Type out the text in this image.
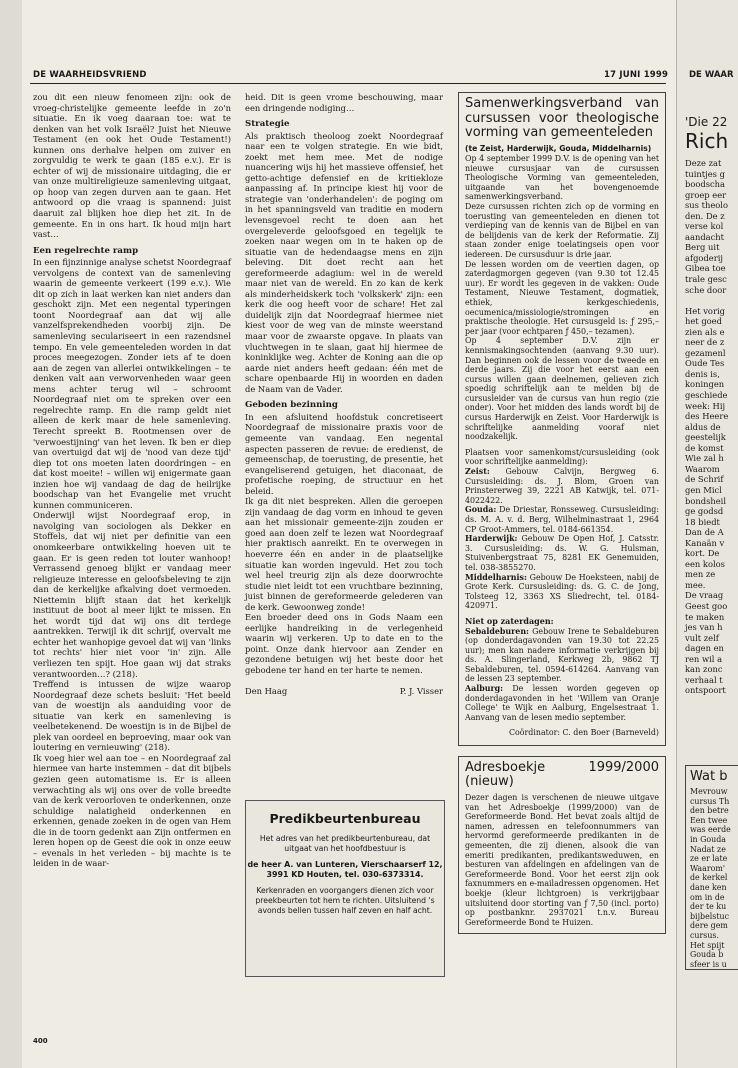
DE WAARHEIDSVRIEND	17 JUNI 1999

zou dit een nieuw fenomeen zijn: ook de vroeg-christelijke gemeente leefde in zo'n situatie. En ik voeg daaraan toe: wat te denken van het volk Israël? Juist het Nieuwe Testament (en ook het Oude Testament!) kunnen ons derhalve helpen om zuiver en zorgvuldig te werk te gaan (185 e.v.). Er is echter of wij de missionaire uitdaging, die er van onze multireligieuze samenleving uitgaat, op hoop van zegen durven aan te gaan. Het antwoord op die vraag is spannend: juist daaruit zal blijken hoe diep het zit. In de gemeente. En in ons hart. Ik houd mijn hart vast…

Een regelrechte ramp

In een fijnzinnige analyse schetst Noordegraaf vervolgens de context van de samenleving waarin de gemeente verkeert (199 e.v.). Wie dit op zich in laat werken kan niet anders dan geschokt zijn. Met een negental typeringen toont Noordegraaf aan dat wij alle vanzelfsprekendheden voorbij zijn. De samenleving seculariseert in een razendsnel tempo. En vele gemeenteleden worden in dat proces meegezogen. Zonder iets af te doen aan de zegen van allerlei ontwikkelingen – te denken valt aan verworvenheden waar geen mens achter terug wil – schroomt Noordegraaf niet om te spreken over een regelrechte ramp. En die ramp geldt niet alleen de kerk maar de hele samenleving. Terecht spreekt B. Rootmensen over de 'verwoestijning' van het leven. Ik ben er diep van overtuigd dat wij de 'nood van deze tijd' diep tot ons moeten laten doordringen – en dat kost moeite! – willen wij enigermate gaan inzien hoe wij vandaag de dag de heilrijke boodschap van het Evangelie met vrucht kunnen communiceren.

Onderwijl wijst Noordegraaf erop, in navolging van sociologen als Dekker en Stoffels, dat wij niet per definitie van een onomkeerbare ontwikkeling hoeven uit te gaan. Er is geen reden tot louter wanhoop! Verrassend genoeg blijkt er vandaag meer religieuze interesse en geloofsbeleving te zijn dan de kerkelijke afkalving doet vermoeden. Niettemin blijft staan dat het kerkelijk instituut de boot al meer lijkt te missen. En het wordt tijd dat wij ons dit terdege aantrekken. Terwijl ik dit schrijf, overvalt me echter het wanhopige gevoel dat wij van 'links tot rechts' hier niet voor 'in' zijn. Alle verliezen ten spijt. Hoe gaan wij dat straks verantwoorden…? (218).

Treffend is intussen de wijze waarop Noordegraaf deze schets besluit: 'Het beeld van de woestijn als aanduiding voor de situatie van kerk en samenleving is veelbetekenend. De woestijn is in de Bijbel de plek van oordeel en beproeving, maar ook van loutering en vernieuwing' (218).

Ik voeg hier wel aan toe – en Noordegraaf zal hiermee van harte instemmen – dat dit bijbels gezien geen automatisme is. Er is alleen verwachting als wij ons over de volle breedte van de kerk veroorloven te onderkennen, onze schuldige nalatigheid onderkennen en erkennen, genade zoeken in de ogen van Hem die in de toorn gedenkt aan Zijn ontfermen en leren hopen op de Geest die ook in onze eeuw – evenals in het verleden – bij machte is te leiden in de waar-

heid. Dit is geen vrome beschouwing, maar een dringende nodiging…

Strategie

Als praktisch theoloog zoekt Noordegraaf naar een te volgen strategie. En wie bidt, zoekt met hem mee. Met de nodige nuancering wijs hij het massieve offensief, het getto-achtige defensief en de kritiekloze aanpassing af. In principe kiest hij voor de strategie van 'onderhandelen': de poging om in het spanningsveld van traditie en modern levensgevoel recht te doen aan het overgeleverde geloofsgoed en tegelijk te zoeken naar wegen om in te haken op de situatie van de hedendaagse mens en zijn beleving. Dit doet recht aan het gereformeerde adagium: wel in de wereld maar niet van de wereld. En zo kan de kerk als minderheidskerk toch 'volkskerk' zijn: een kerk die oog heeft voor de schare! Het zal duidelijk zijn dat Noordegraaf hiermee niet kiest voor de weg van de minste weerstand maar voor de zwaarste opgave. In plaats van vluchtwegen in te slaan, gaat hij hiermee de koninklijke weg. Achter de Koning aan die op aarde niet anders heeft gedaan: één met de schare openbaarde Hij in woorden en daden de Naam van de Vader.

Geboden bezinning

In een afsluitend hoofdstuk concretiseert Noordegraaf de missionaire praxis voor de gemeente van vandaag. Een negental aspecten passeren de revue: de eredienst, de gemeenschap, de toerusting, de presentie, het evangeliserend getuigen, het diaconaat, de profetische roeping, de structuur en het beleid.

Ik ga dit niet bespreken. Allen die geroepen zijn vandaag de dag vorm en inhoud te geven aan het missionair gemeente-zijn zouden er goed aan doen zelf te lezen wat Noordegraaf hier praktisch aanreikt. En te overwegen in hoeverre één en ander in de plaatselijke situatie kan worden ingevuld. Het zou toch wel heel treurig zijn als deze doorwrochte studie niet leidt tot een vruchtbare bezinning, juist binnen de gereformeerde gelederen van de kerk. Gewoonweg zonde!

Een broeder deed ons in Gods Naam een eerlijke handreiking in de verlegenheid waarin wij verkeren. Up to date en to the point. Onze dank hiervoor aan Zender en gezondene betuigen wij het beste door het gebodene ter hand en ter harte te nemen.

Den Haag	P. J. Visser
Predikbeurtenbureau

Het adres van het predikbeurtenbureau, dat uitgaat van het hoofdbestuur is

de heer A. van Lunteren, Vierschaarserf 12, 3991 KD Houten, tel. 030-6373314.

Kerkenraden en voorgangers dienen zich voor preekbeurten tot hem te richten. Uitsluitend 's avonds bellen tussen half zeven en half acht.

Samenwerkingsverband van cursussen voor theologische vorming van gemeenteleden
(te Zeist, Harderwijk, Gouda, Middelharnis)

Op 4 september 1999 D.V. is de opening van het nieuwe cursusjaar van de cursussen Theologische Vorming van gemeenteleden, uitgaande van het bovengenoemde samenwerkingsverband.

Deze cursussen richten zich op de vorming en toerusting van gemeenteleden en dienen tot verdieping van de kennis van de Bijbel en van de belijdenis van de kerk der Reformatie. Zij staan zonder enige toelatingseis open voor iedereen. De cursusduur is drie jaar.

De lessen worden om de veertien dagen, op zaterdagmorgen gegeven (van 9.30 tot 12.45 uur). Er wordt les gegeven in de vakken: Oude Testament, Nieuwe Testament, dogmatiek, ethiek, kerkgeschiedenis, oecumenica/missiologie/stromingen en praktische theologie. Het cursusgeld is: ƒ 295,– per jaar (voor echtparen ƒ 450,– tezamen).

Op 4 september D.V. zijn er kennismakingsochtenden (aanvang 9.30 uur). Dan beginnen ook de lessen voor de tweede en derde jaars. Zij die voor het eerst aan een cursus willen gaan deelnemen, gelieven zich spoedig schriftelijk aan te melden bij de cursusleider van de cursus van hun regio (zie onder). Voor het midden des lands wordt bij de cursus Harderwijk en Zeist. Voor Harderwijk is schriftelijke aanmelding vooraf niet noodzakelijk.

Plaatsen voor samenkomst/cursusleiding (ook voor schriftelijke aanmelding):

Zeist: Gebouw Calvijn, Bergweg 6. Cursusleiding: ds. J. Blom, Groen van Prinstererweg 39, 2221 AB Katwijk, tel. 071-4022422.

Gouda: De Driestar, Ronsseweg. Cursusleiding: ds. M. A. v. d. Berg, Wilhelminastraat 1, 2964 CP Groot-Ammers, tel. 0184-661354.

Harderwijk: Gebouw De Open Hof, J. Catsstr. 3. Cursusleiding: ds. W. G. Hulsman, Stuivenbergstraat 75, 8281 EK Genemuiden, tel. 038-3855270.

Middelharnis: Gebouw De Hoeksteen, nabij de Grote Kerk. Cursusleiding: ds. G. C. de Jong, Tolsteeg 12, 3363 XS Sliedrecht, tel. 0184-420971.

Niet op zaterdagen:

Sebaldeburen: Gebouw Irene te Sebaldeburen (op donderdagavonden van 19.30 tot 22.25 uur); men kan nadere informatie verkrijgen bij ds. A. Slingerland, Kerkweg 2b, 9862 TJ Sebaldeburen, tel. 0594-614264. Aanvang van de lessen 23 september.

Aalburg: De lessen worden gegeven op donderdagavonden in het 'Willem van Oranje College' te Wijk en Aalburg, Engelsestraat 1. Aanvang van de lesen medio september.

Coördinator: C. den Boer (Barneveld)
Adresboekje 1999/2000 (nieuw)

Dezer dagen is verschenen de nieuwe uitgave van het Adresboekje (1999/2000) van de Gereformeerde Bond. Het bevat zoals altijd de namen, adressen en telefoonnummers van hervormd gereformeerde predikanten in de gemeenten, die zij dienen, alsook die van emeriti predikanten, predikantsweduwen, en besturen van afdelingen en afdelingen van de Gereformeerde Bond. Voor het eerst zijn ook faxnummers en e-mailadressen opgenomen. Het boekje (kleur lichtgroen) is verkrijgbaar uitsluitend door storting van ƒ 7,50 (incl. porto) op postbanknr. 2937021 t.n.v. Bureau Gereformeerde Bond te Huizen.

400
DE WAAR
'Die 22
Rich
Deze zat
tuintjes g
boodscha
groep eer
sus theolo
den. De z
verse kol
aandacht
Berg uit
afgoderij
Gibea toe
trale gesc
sche door

Het vorig
het goed
zien als e
neer de z
gezamenl
Oude Tes
denis is,
koningen
geschiede
week: Hij
des Heere
aldus de
geestelijk
de komst
Wie zal h
Waarom
de Schrif
gen Micl
bondsheil
ge godsd
18 biedt
Dan de A
Kanaän v
kort. De
een kolos
men ze
mee.
De vraag
Geest goo
te maken
jes van h
vult zelf
dagen en
ren wil a
kan zonc
verhaal t
ontspoort
Wat b
Mevrouw
cursus Th
den betre
Een twee
was eerde
in Gouda
Nadat ze
ze er late
Waarom'
de kerkel
dane ken
om in de
der te ku
bijbelstuc
dere gem
cursus.
Het spijt
Gouda b
sfeer is u
